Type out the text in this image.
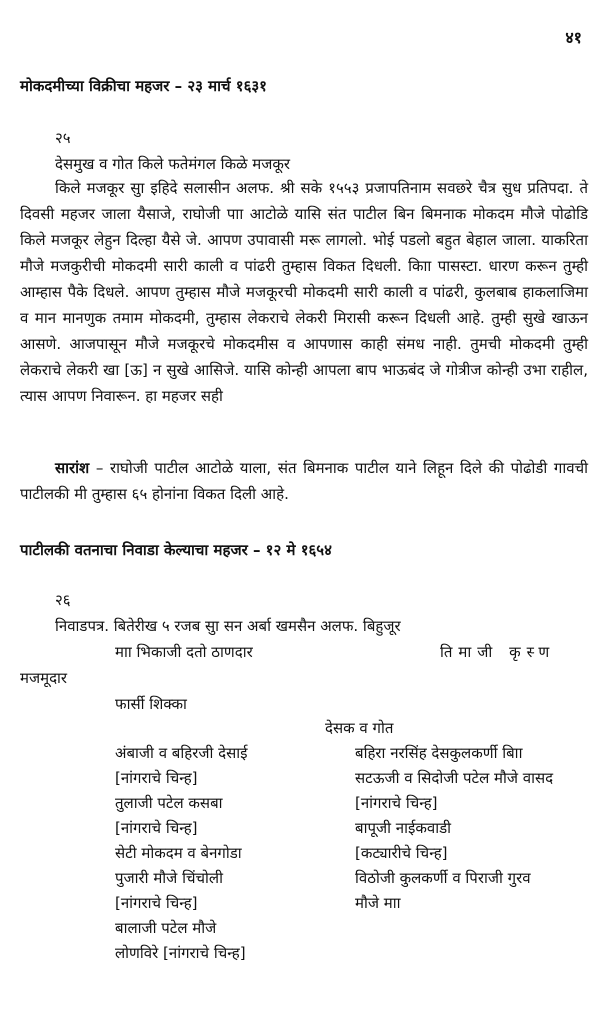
४१
मोकदमीच्या विक्रीचा महजर – २३ मार्च १६३१
२५
देसमुख व गोत किले फतेमंगल किळे मजकूर

किले मजकूर सुा इहिदे सलासीन अलफ. श्री सके १५५३ प्रजापतिनाम सवछरे चैत्र सुध प्रतिपदा. ते दिवसी महजर जाला यैसाजे, राघोजी पाा आटोळे यासि संत पाटील बिन बिमनाक मोकदम मौजे पोढोडि किले मजकूर लेहुन दिल्हा यैसे जे. आपण उपावासी मरू लागलो. भोई पडलो बहुत बेहाल जाला. याकरिता मौजे मजकुरीची मोकदमी सारी काली व पांढरी तुम्हास विकत दिधली. किाा पासस्टा. धारण करून तुम्ही आम्हास पैके दिधले. आपण तुम्हास मौजे मजकूरची मोकदमी सारी काली व पांढरी, कुलबाब हाकलाजिमा व मान मानणुक तमाम मोकदमी, तुम्हास लेकराचे लेकरी मिरासी करून दिधली आहे. तुम्ही सुखे खाऊन आसणे. आजपासून मौजे मजकूरचे मोकदमीस व आपणास काही संमध नाही. तुमची मोकदमी तुम्ही लेकराचे लेकरी खा [ऊ] न सुखे आसिजे. यासि कोन्ही आपला बाप भाऊबंद जे गोत्रीज कोन्ही उभा राहील, त्यास आपण निवारून. हा महजर सही

सारांश – राघोजी पाटील आटोळे याला, संत बिमनाक पाटील याने लिहून दिले की पोढोडी गावची पाटीलकी मी तुम्हास ६५ होनांना विकत दिली आहे.

पाटीलकी वतनाचा निवाडा केल्याचा महजर – १२ मे १६५४
२६
निवाडपत्र. बितेरीख ५ रजब सुा सन अर्बा खमसैन अलफ. बिहुजूर
माा भिकाजी दतो ठाणदार	तिमाजी कृस्ण
मजमूदार
फार्सी शिक्का
देसक व गोत
अंबाजी व बहिरजी देसाई
[नांगराचे चिन्ह]
तुलाजी पटेल कसबा
[नांगराचे चिन्ह]
सेटी मोकदम व बेनगोडा
पुजारी मौजे चिंचोली
[नांगराचे चिन्ह]
बालाजी पटेल मौजे
लोणविरे [नांगराचे चिन्ह]
बहिरा नरसिंह देसकुलकर्णी बिाा
सटऊजी व सिदोजी पटेल मौजे वासद
[नांगराचे चिन्ह]
बापूजी नाईकवाडी
[कट्यारीचे चिन्ह]
विठोजी कुलकर्णी व पिराजी गुरव
मौजे माा
